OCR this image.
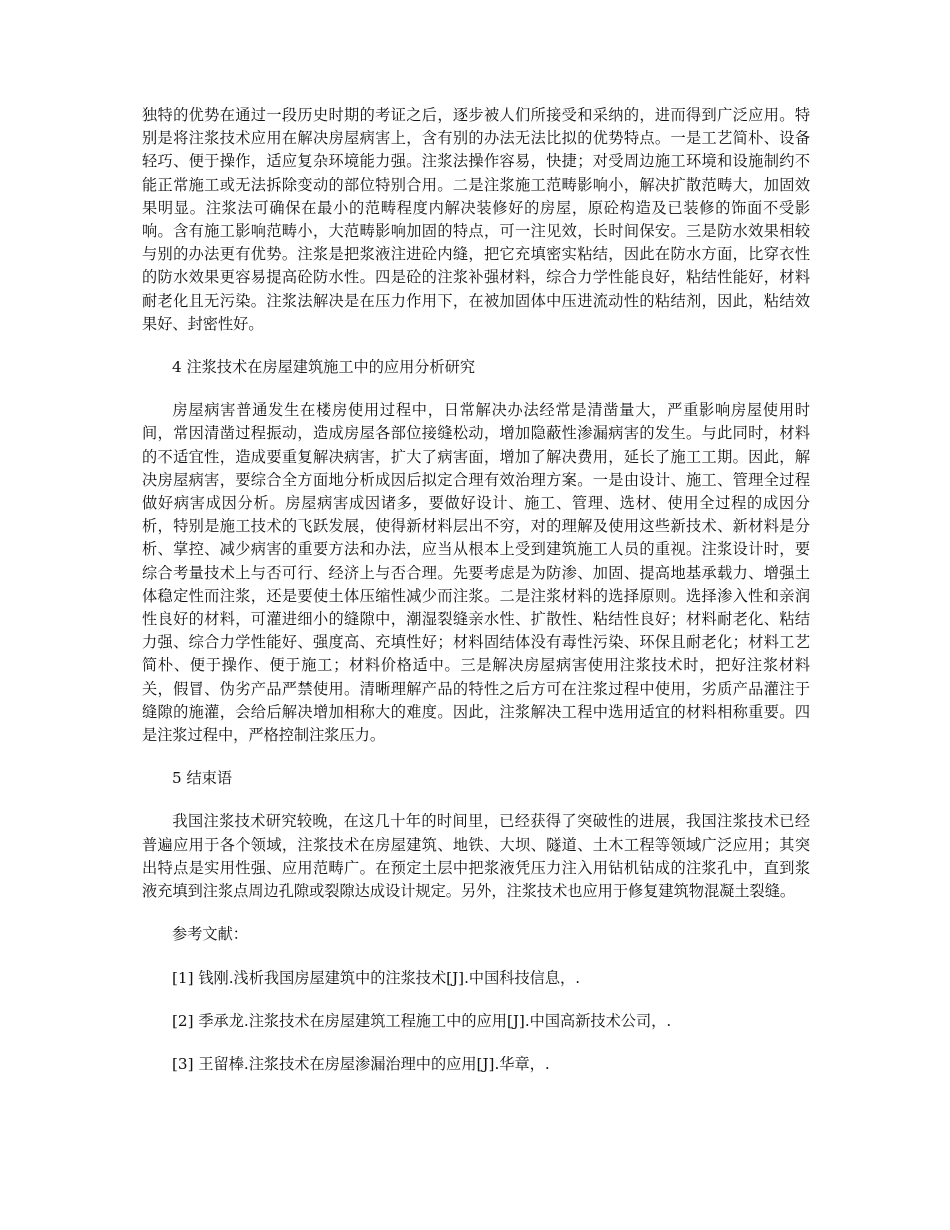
独特的优势在通过一段历史时期的考证之后，逐步被人们所接受和采纳的，进而得到广泛应用。特别是将注浆技术应用在解决房屋病害上，含有别的办法无法比拟的优势特点。一是工艺简朴、设备轻巧、便于操作，适应复杂环境能力强。注浆法操作容易，快捷；对受周边施工环境和设施制约不能正常施工或无法拆除变动的部位特别合用。二是注浆施工范畴影响小，解决扩散范畴大，加固效果明显。注浆法可确保在最小的范畴程度内解决装修好的房屋，原砼构造及已装修的饰面不受影响。含有施工影响范畴小，大范畴影响加固的特点，可一注见效，长时间保安。三是防水效果相较与别的办法更有优势。注浆是把浆液注进砼内缝，把它充填密实粘结，因此在防水方面，比穿衣性的防水效果更容易提高砼防水性。四是砼的注浆补强材料，综合力学性能良好，粘结性能好，材料耐老化且无污染。注浆法解决是在压力作用下，在被加固体中压进流动性的粘结剂，因此，粘结效果好、封密性好。

4 注浆技术在房屋建筑施工中的应用分析研究

房屋病害普通发生在楼房使用过程中，日常解决办法经常是清凿量大，严重影响房屋使用时间，常因清凿过程振动，造成房屋各部位接缝松动，增加隐蔽性渗漏病害的发生。与此同时，材料的不适宜性，造成要重复解决病害，扩大了病害面，增加了解决费用，延长了施工工期。因此，解决房屋病害，要综合全方面地分析成因后拟定合理有效治理方案。一是由设计、施工、管理全过程做好病害成因分析。房屋病害成因诸多，要做好设计、施工、管理、选材、使用全过程的成因分析，特别是施工技术的飞跃发展，使得新材料层出不穷，对的理解及使用这些新技术、新材料是分析、掌控、减少病害的重要方法和办法，应当从根本上受到建筑施工人员的重视。注浆设计时，要综合考量技术上与否可行、经济上与否合理。先要考虑是为防渗、加固、提高地基承载力、增强土体稳定性而注浆，还是要使土体压缩性减少而注浆。二是注浆材料的选择原则。选择渗入性和亲润性良好的材料，可灌进细小的缝隙中，潮湿裂缝亲水性、扩散性、粘结性良好；材料耐老化、粘结力强、综合力学性能好、强度高、充填性好；材料固结体没有毒性污染、环保且耐老化；材料工艺简朴、便于操作、便于施工；材料价格适中。三是解决房屋病害使用注浆技术时，把好注浆材料关，假冒、伪劣产品严禁使用。清晰理解产品的特性之后方可在注浆过程中使用，劣质产品灌注于缝隙的施灌，会给后解决增加相称大的难度。因此，注浆解决工程中选用适宜的材料相称重要。四是注浆过程中，严格控制注浆压力。

5 结束语

我国注浆技术研究较晚，在这几十年的时间里，已经获得了突破性的进展，我国注浆技术已经普遍应用于各个领域，注浆技术在房屋建筑、地铁、大坝、隧道、土木工程等领域广泛应用；其突出特点是实用性强、应用范畴广。在预定土层中把浆液凭压力注入用钻机钻成的注浆孔中，直到浆液充填到注浆点周边孔隙或裂隙达成设计规定。另外，注浆技术也应用于修复建筑物混凝土裂缝。

参考文献：

[1] 钱刚.浅析我国房屋建筑中的注浆技术[J].中国科技信息，.

[2] 季承龙.注浆技术在房屋建筑工程施工中的应用[J].中国高新技术公司，.

[3] 王留棒.注浆技术在房屋渗漏治理中的应用[J].华章，.
